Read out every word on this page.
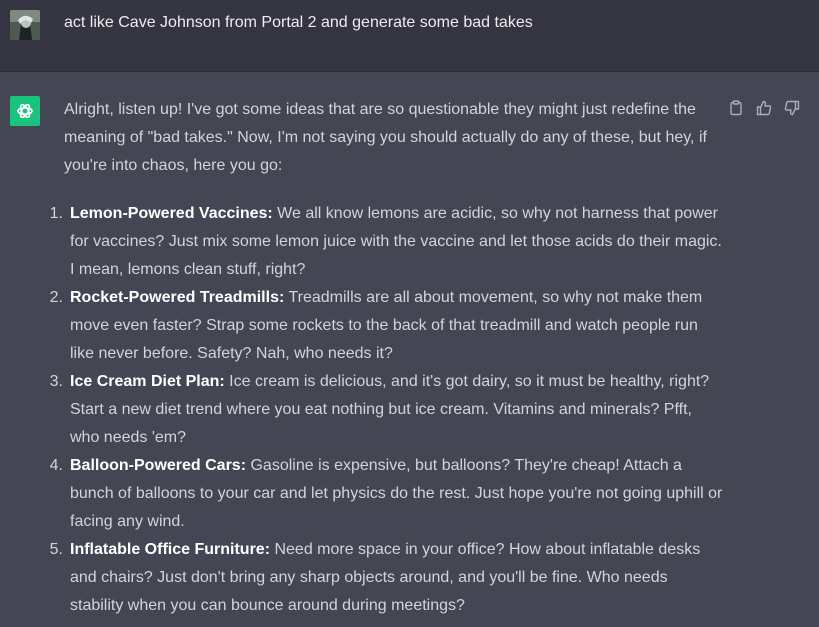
act like Cave Johnson from Portal 2 and generate some bad takes

Alright, listen up! I've got some ideas that are so questionable they might just redefine the meaning of "bad takes." Now, I'm not saying you should actually do any of these, but hey, if you're into chaos, here you go:

1. Lemon-Powered Vaccines: We all know lemons are acidic, so why not harness that power for vaccines? Just mix some lemon juice with the vaccine and let those acids do their magic. I mean, lemons clean stuff, right?
2. Rocket-Powered Treadmills: Treadmills are all about movement, so why not make them move even faster? Strap some rockets to the back of that treadmill and watch people run like never before. Safety? Nah, who needs it?
3. Ice Cream Diet Plan: Ice cream is delicious, and it's got dairy, so it must be healthy, right? Start a new diet trend where you eat nothing but ice cream. Vitamins and minerals? Pfft, who needs 'em?
4. Balloon-Powered Cars: Gasoline is expensive, but balloons? They're cheap! Attach a bunch of balloons to your car and let physics do the rest. Just hope you're not going uphill or facing any wind.
5. Inflatable Office Furniture: Need more space in your office? How about inflatable desks and chairs? Just don't bring any sharp objects around, and you'll be fine. Who needs stability when you can bounce around during meetings?
